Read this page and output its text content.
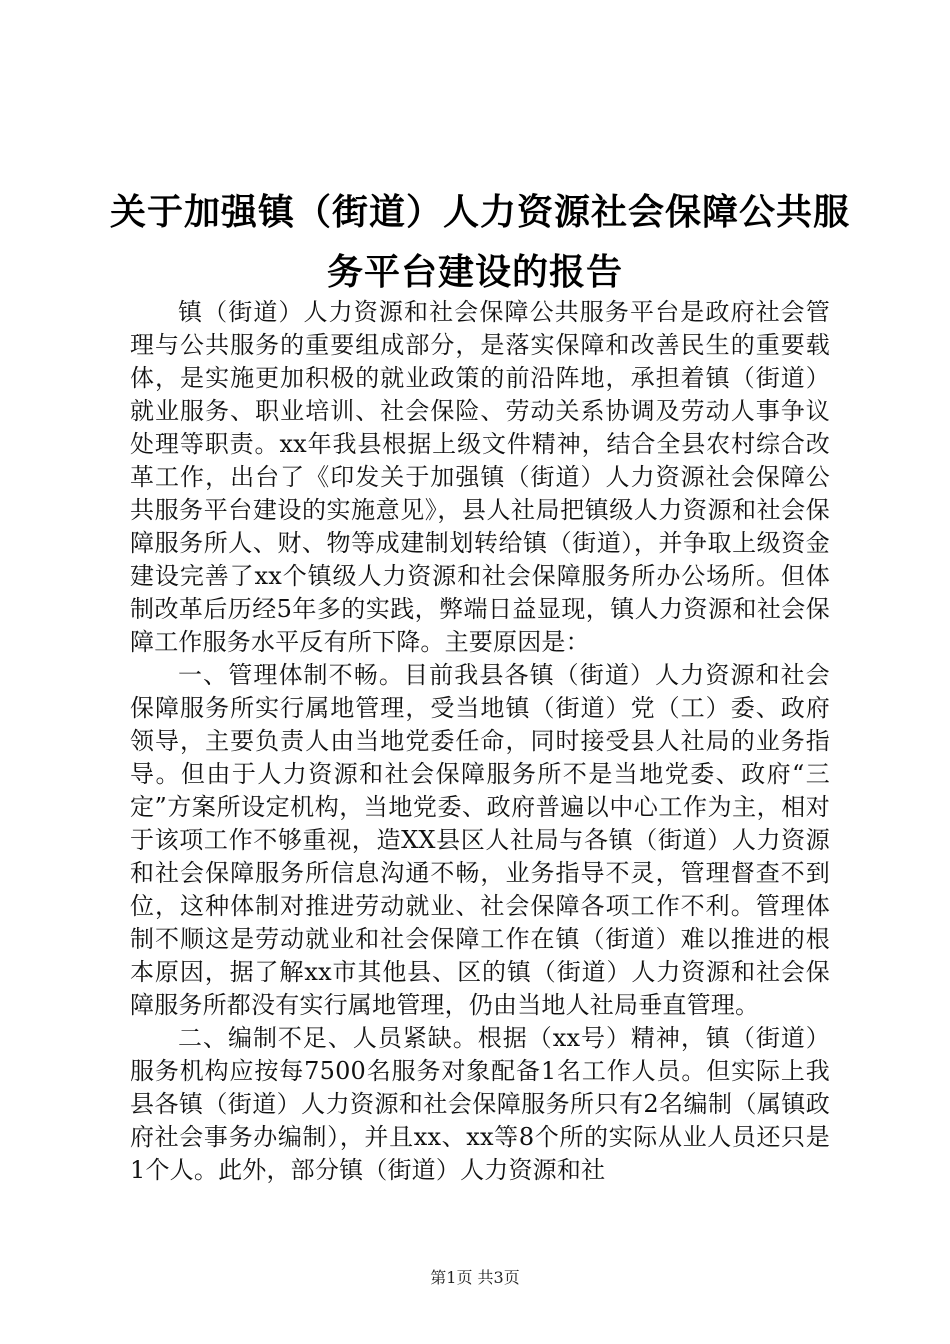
关于加强镇（街道）人力资源社会保障公共服
务平台建设的报告

镇（街道）人力资源和社会保障公共服务平台是政府社会管理与公共服务的重要组成部分，是落实保障和改善民生的重要载体，是实施更加积极的就业政策的前沿阵地，承担着镇（街道）就业服务、职业培训、社会保险、劳动关系协调及劳动人事争议处理等职责。xx年我县根据上级文件精神，结合全县农村综合改革工作，出台了《印发关于加强镇（街道）人力资源社会保障公共服务平台建设的实施意见》，县人社局把镇级人力资源和社会保障服务所人、财、物等成建制划转给镇（街道），并争取上级资金建设完善了xx个镇级人力资源和社会保障服务所办公场所。但体制改革后历经5年多的实践，弊端日益显现，镇人力资源和社会保障工作服务水平反有所下降。主要原因是：

一、管理体制不畅。目前我县各镇（街道）人力资源和社会保障服务所实行属地管理，受当地镇（街道）党（工）委、政府领导，主要负责人由当地党委任命，同时接受县人社局的业务指导。但由于人力资源和社会保障服务所不是当地党委、政府“三定”方案所设定机构，当地党委、政府普遍以中心工作为主，相对于该项工作不够重视，造XX县区人社局与各镇（街道）人力资源和社会保障服务所信息沟通不畅，业务指导不灵，管理督查不到位，这种体制对推进劳动就业、社会保障各项工作不利。管理体制不顺这是劳动就业和社会保障工作在镇（街道）难以推进的根本原因，据了解xx市其他县、区的镇（街道）人力资源和社会保障服务所都没有实行属地管理，仍由当地人社局垂直管理。

二、编制不足、人员紧缺。根据（xx号）精神，镇（街道）服务机构应按每7500名服务对象配备1名工作人员。但实际上我县各镇（街道）人力资源和社会保障服务所只有2名编制（属镇政府社会事务办编制），并且xx、xx等8个所的实际从业人员还只是1个人。此外，部分镇（街道）人力资源和社

第1页 共3页
